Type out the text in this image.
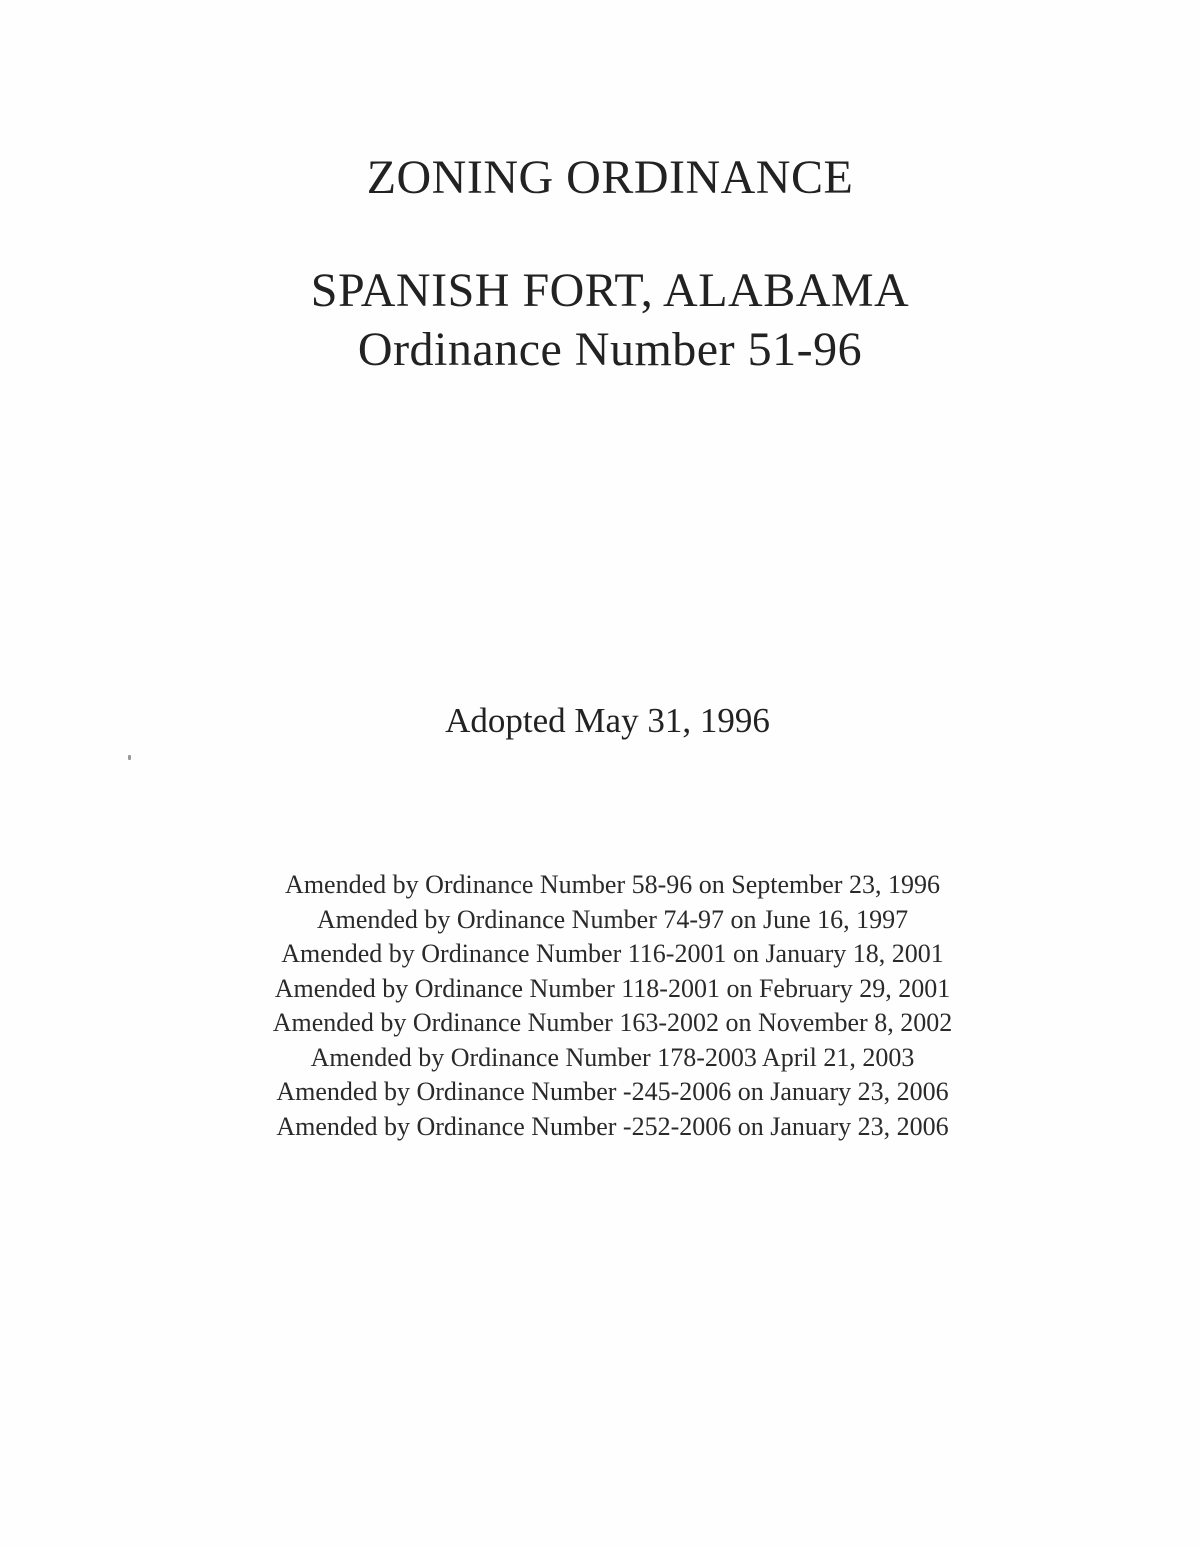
ZONING ORDINANCE
SPANISH FORT, ALABAMA
Ordinance Number 51-96
Adopted May 31, 1996
Amended by Ordinance Number 58-96 on September 23, 1996
Amended by Ordinance Number 74-97 on June 16, 1997
Amended by Ordinance Number 116-2001 on January 18, 2001
Amended by Ordinance Number 118-2001 on February 29, 2001
Amended by Ordinance Number 163-2002 on November 8, 2002
Amended by Ordinance Number 178-2003 April 21, 2003
Amended by Ordinance Number -245-2006 on January 23, 2006
Amended by Ordinance Number -252-2006 on January 23, 2006
